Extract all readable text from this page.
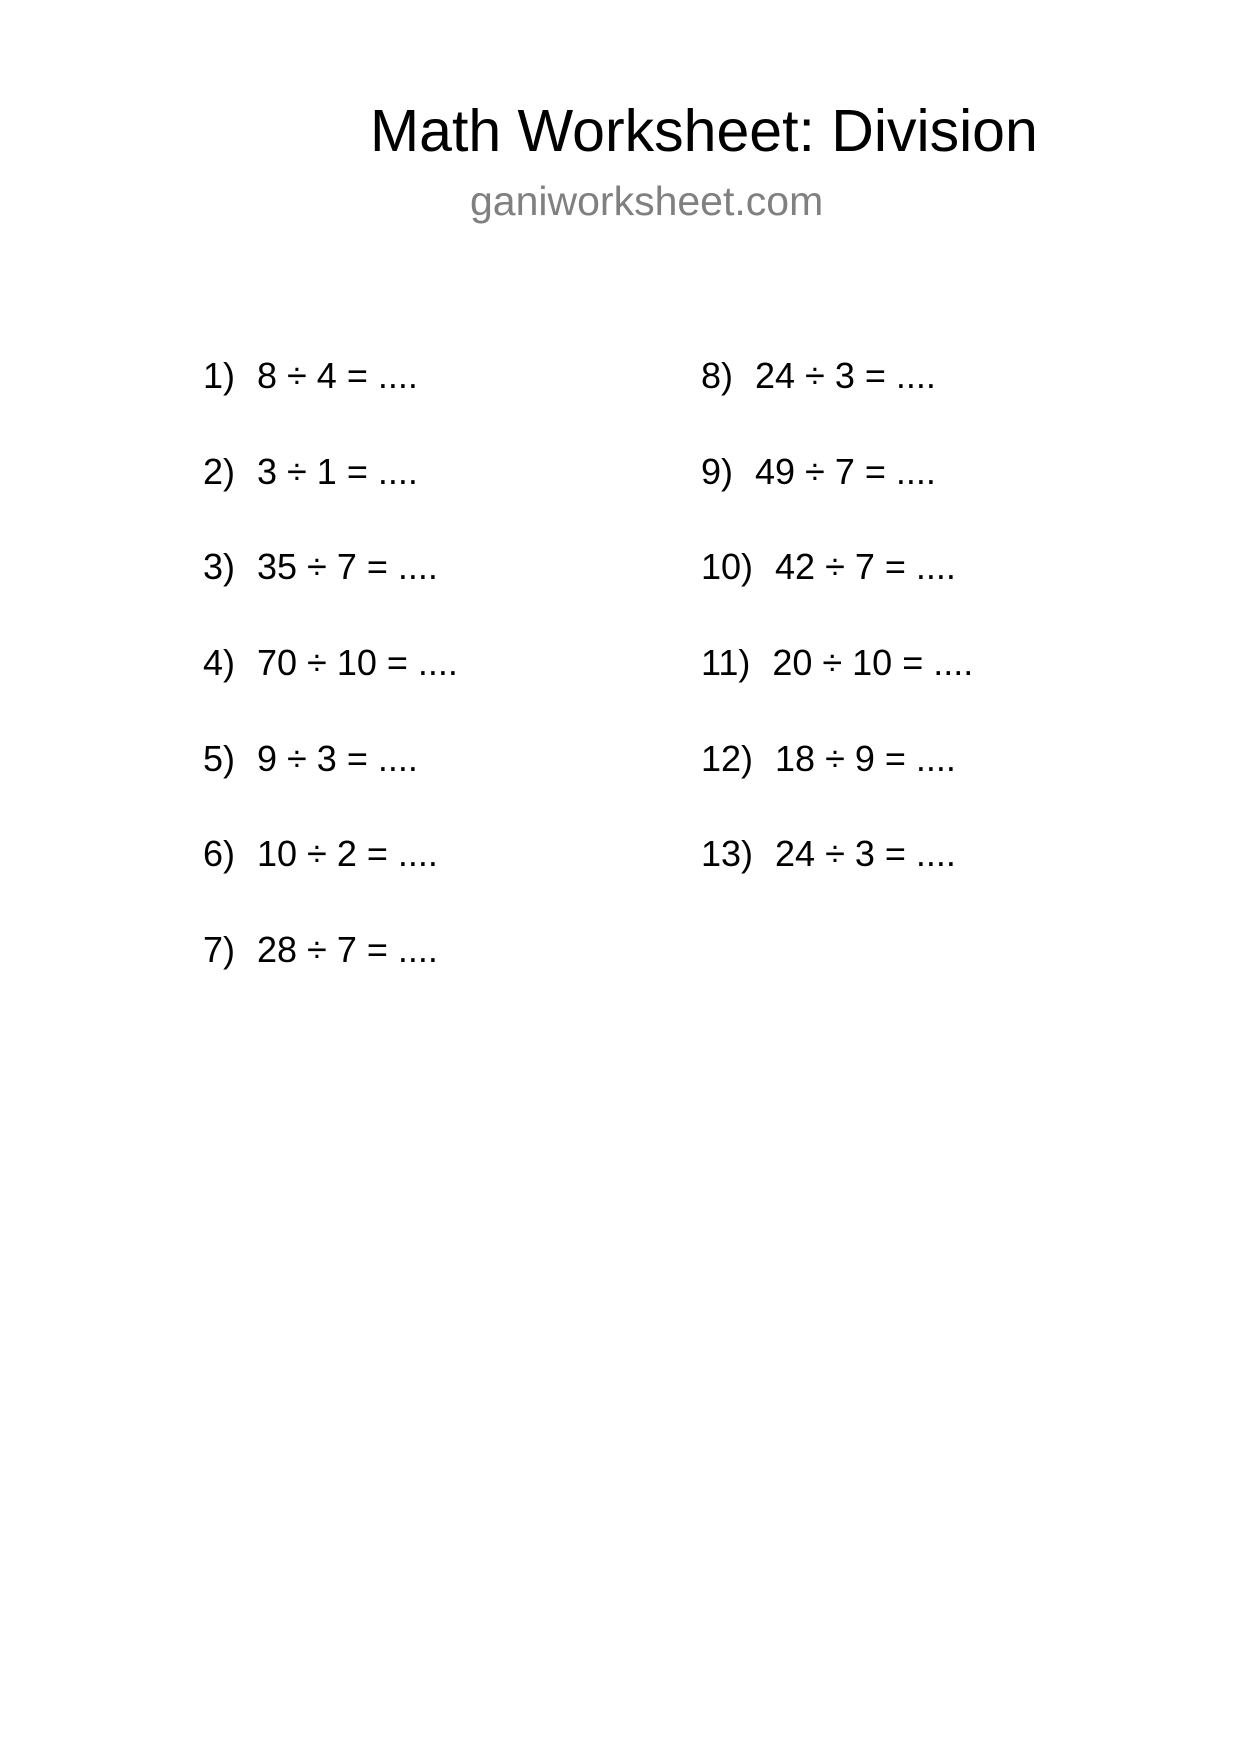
Math Worksheet: Division
ganiworksheet.com
1) 8 ÷ 4 = ....
2) 3 ÷ 1 = ....
3) 35 ÷ 7 = ....
4) 70 ÷ 10 = ....
5) 9 ÷ 3 = ....
6) 10 ÷ 2 = ....
7) 28 ÷ 7 = ....
8) 24 ÷ 3 = ....
9) 49 ÷ 7 = ....
10) 42 ÷ 7 = ....
11) 20 ÷ 10 = ....
12) 18 ÷ 9 = ....
13) 24 ÷ 3 = ....
